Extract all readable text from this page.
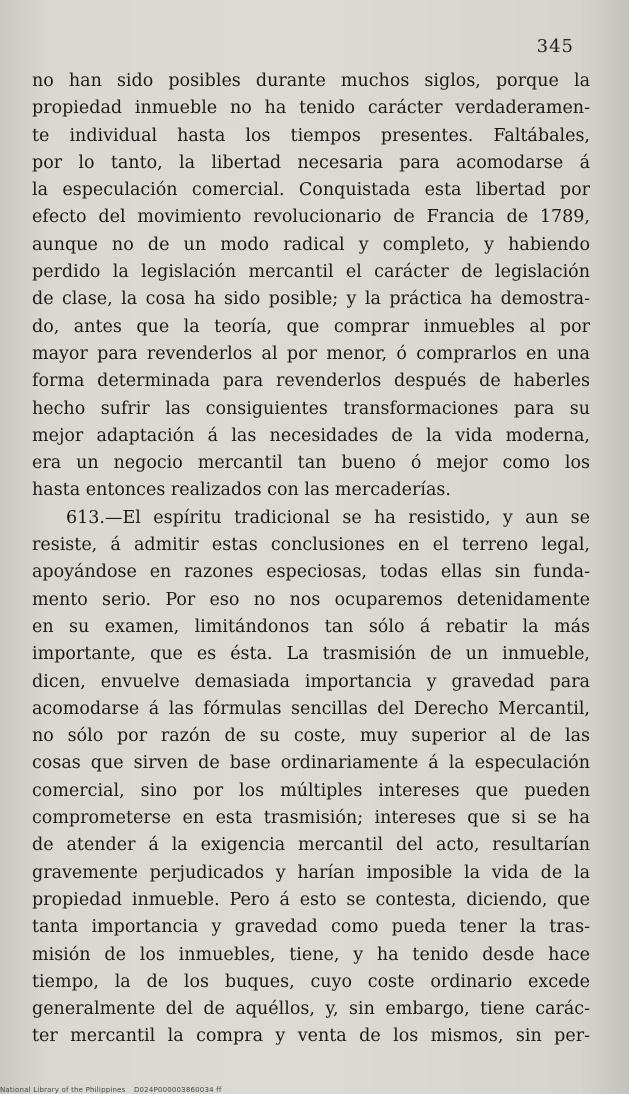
345
no han sido posibles durante muchos siglos, porque la
propiedad inmueble no ha tenido carácter verdaderamen-
te individual hasta los tiempos presentes. Faltábales,
por lo tanto, la libertad necesaria para acomodarse á
la especulación comercial. Conquistada esta libertad por
efecto del movimiento revolucionario de Francia de 1789,
aunque no de un modo radical y completo, y habiendo
perdido la legislación mercantil el carácter de legislación
de clase, la cosa ha sido posible; y la práctica ha demostra-
do, antes que la teoría, que comprar inmuebles al por
mayor para revenderlos al por menor, ó comprarlos en una
forma determinada para revenderlos después de haberles
hecho sufrir las consiguientes transformaciones para su
mejor adaptación á las necesidades de la vida moderna,
era un negocio mercantil tan bueno ó mejor como los
hasta entonces realizados con las mercaderías.
613.—El espíritu tradicional se ha resistido, y aun se
resiste, á admitir estas conclusiones en el terreno legal,
apoyándose en razones especiosas, todas ellas sin funda-
mento serio. Por eso no nos ocuparemos detenidamente
en su examen, limitándonos tan sólo á rebatir la más
importante, que es ésta. La trasmisión de un inmueble,
dicen, envuelve demasiada importancia y gravedad para
acomodarse á las fórmulas sencillas del Derecho Mercantil,
no sólo por razón de su coste, muy superior al de las
cosas que sirven de base ordinariamente á la especulación
comercial, sino por los múltiples intereses que pueden
comprometerse en esta trasmisión; intereses que si se ha
de atender á la exigencia mercantil del acto, resultarían
gravemente perjudicados y harían imposible la vida de la
propiedad inmueble. Pero á esto se contesta, diciendo, que
tanta importancia y gravedad como pueda tener la tras-
misión de los inmuebles, tiene, y ha tenido desde hace
tiempo, la de los buques, cuyo coste ordinario excede
generalmente del de aquéllos, y, sin embargo, tiene carác-
ter mercantil la compra y venta de los mismos, sin per-
National Library of the Philippines D024P000003860034 ff
